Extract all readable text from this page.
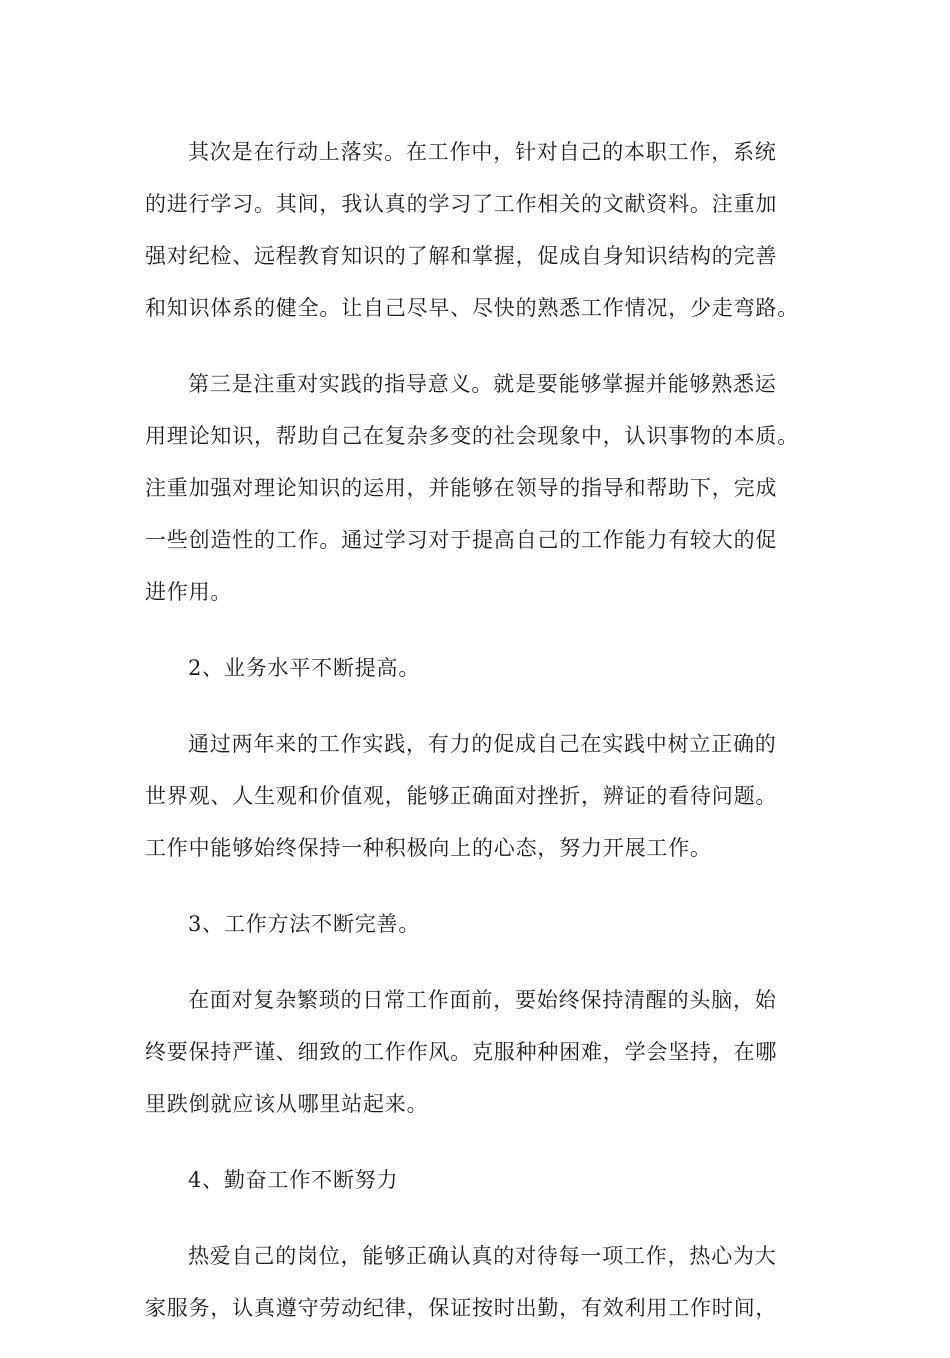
其次是在行动上落实。在工作中，针对自己的本职工作，系统
的进行学习。其间，我认真的学习了工作相关的文献资料。注重加
强对纪检、远程教育知识的了解和掌握，促成自身知识结构的完善
和知识体系的健全。让自己尽早、尽快的熟悉工作情况，少走弯路。
第三是注重对实践的指导意义。就是要能够掌握并能够熟悉运
用理论知识，帮助自己在复杂多变的社会现象中，认识事物的本质。
注重加强对理论知识的运用，并能够在领导的指导和帮助下，完成
一些创造性的工作。通过学习对于提高自己的工作能力有较大的促
进作用。
2、业务水平不断提高。
通过两年来的工作实践，有力的促成自己在实践中树立正确的
世界观、人生观和价值观，能够正确面对挫折，辨证的看待问题。
工作中能够始终保持一种积极向上的心态，努力开展工作。
3、工作方法不断完善。
在面对复杂繁琐的日常工作面前，要始终保持清醒的头脑，始
终要保持严谨、细致的工作作风。克服种种困难，学会坚持，在哪
里跌倒就应该从哪里站起来。
4、勤奋工作不断努力
热爱自己的岗位，能够正确认真的对待每一项工作，热心为大
家服务，认真遵守劳动纪律，保证按时出勤，有效利用工作时间，
